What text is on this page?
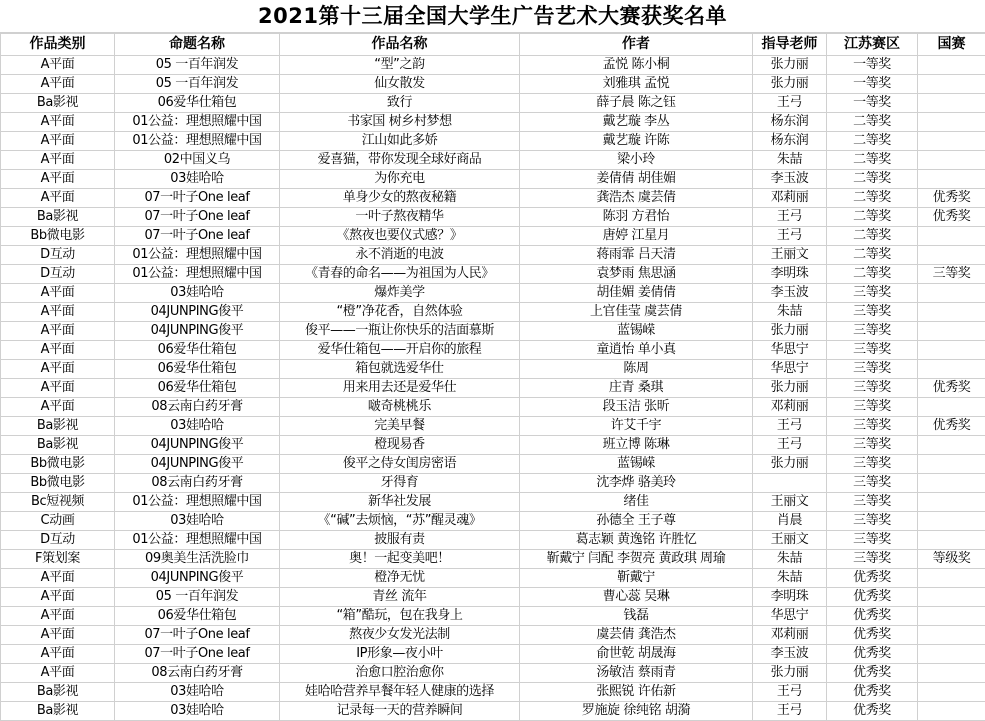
2021第十三届全国大学生广告艺术大赛获奖名单
作品类别	命题名称	作品名称	作者	指导老师	江苏赛区	国赛
A平面	05 一百年润发	“型”之韵	孟悦 陈小桐	张力丽	一等奖	
A平面	05 一百年润发	仙女散发	刘雅琪 孟悦	张力丽	一等奖	
Ba影视	06爱华仕箱包	致行	薛子晨 陈之钰	王弓	一等奖	
A平面	01公益：理想照耀中国	书家国 树乡村梦想	戴艺璇 李丛	杨东润	二等奖	
A平面	01公益：理想照耀中国	江山如此多娇	戴艺璇 许陈	杨东润	二等奖	
A平面	02中国义乌	爱喜猫，带你发现全球好商品	梁小玲	朱喆	二等奖	
A平面	03娃哈哈	为你充电	姜倩倩 胡佳媚	李玉波	二等奖	
A平面	07一叶子One leaf	单身少女的熬夜秘籍	龚浩杰 虞芸倩	邓莉丽	二等奖	优秀奖
Ba影视	07一叶子One leaf	一叶子熬夜精华	陈羽 方君怡	王弓	二等奖	优秀奖
Bb微电影	07一叶子One leaf	《熬夜也要仪式感？》	唐婷 江星月	王弓	二等奖	
D互动	01公益：理想照耀中国	永不消逝的电波	蒋雨霏 吕天清	王丽文	二等奖	
D互动	01公益：理想照耀中国	《青春的命名——为祖国为人民》	袁梦雨 焦思涵	李明珠	二等奖	三等奖
A平面	03娃哈哈	爆炸美学	胡佳媚 姜倩倩	李玉波	三等奖	
A平面	04JUNPING俊平	“橙”净花香，自然体验	上官佳莹 虞芸倩	朱喆	三等奖	
A平面	04JUNPING俊平	俊平——一瓶让你快乐的洁面慕斯	蓝锡嵘	张力丽	三等奖	
A平面	06爱华仕箱包	爱华仕箱包——开启你的旅程	童逍怡 单小真	华思宁	三等奖	
A平面	06爱华仕箱包	箱包就选爱华仕	陈周	华思宁	三等奖	
A平面	06爱华仕箱包	用来用去还是爱华仕	庄青 桑琪	张力丽	三等奖	优秀奖
A平面	08云南白药牙膏	啵奇桃桃乐	段玉洁 张昕	邓莉丽	三等奖	
Ba影视	03娃哈哈	完美早餐	许艾千宇	王弓	三等奖	优秀奖
Ba影视	04JUNPING俊平	橙现易香	班立博 陈琳	王弓	三等奖	
Bb微电影	04JUNPING俊平	俊平之侍女闺房密语	蓝锡嵘	张力丽	三等奖	
Bb微电影	08云南白药牙膏	牙得育	沈李烨 骆美玲		三等奖	
Bc短视频	01公益：理想照耀中国	新华社发展	绪佳	王丽文	三等奖	
C动画	03娃哈哈	《“碱”去烦恼，“苏”醒灵魂》	孙德全 王子尊	肖晨	三等奖	
D互动	01公益：理想照耀中国	披服有责	葛志颖 黄逸铭 许胜忆	王丽文	三等奖	
F策划案	09奥美生活洗脸巾	奥！一起变美吧！	靳戴宁 闫配 李贺亮 黄政琪 周瑜	朱喆	三等奖	等级奖
A平面	04JUNPING俊平	橙净无忧	靳戴宁	朱喆	优秀奖	
A平面	05 一百年润发	青丝 流年	曹心蕊 吴琳	李明珠	优秀奖	
A平面	06爱华仕箱包	“箱”酷玩，包在我身上	钱磊	华思宁	优秀奖	
A平面	07一叶子One leaf	熬夜少女发光法制	虞芸倩 龚浩杰	邓莉丽	优秀奖	
A平面	07一叶子One leaf	IP形象—夜小叶	俞世乾 胡晟海	李玉波	优秀奖	
A平面	08云南白药牙膏	治愈口腔治愈你	汤敏洁 蔡雨青	张力丽	优秀奖	
Ba影视	03娃哈哈	娃哈哈营养早餐年轻人健康的选择	张熙锐 许佑新	王弓	优秀奖	
Ba影视	03娃哈哈	记录每一天的营养瞬间	罗施旋 徐纯铭 胡漪	王弓	优秀奖	
